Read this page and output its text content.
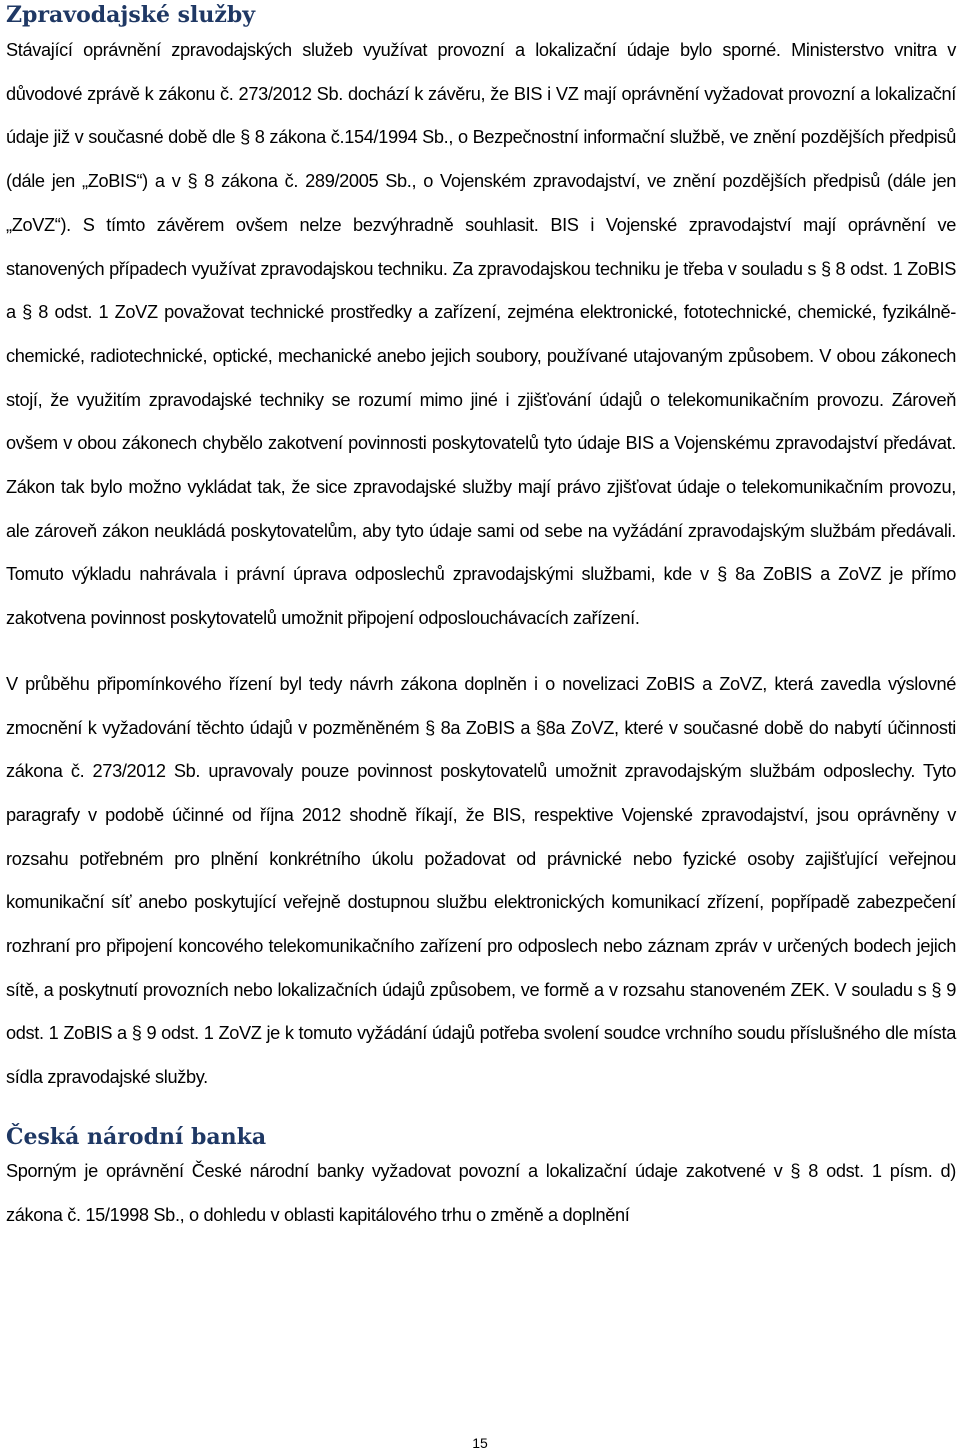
Zpravodajské služby

Stávající oprávnění zpravodajských služeb využívat provozní a lokalizační údaje bylo sporné. Ministerstvo vnitra v důvodové zprávě k zákonu č. 273/2012 Sb. dochází k závěru, že BIS i VZ mají oprávnění vyžadovat provozní a lokalizační údaje již v současné době dle § 8 zákona č.154/1994 Sb., o Bezpečnostní informační službě, ve znění pozdějších předpisů (dále jen „ZoBIS“) a v § 8 zákona č. 289/2005 Sb., o Vojenském zpravodajství, ve znění pozdějších předpisů (dále jen „ZoVZ“). S tímto závěrem ovšem nelze bezvýhradně souhlasit. BIS i Vojenské zpravodajství mají oprávnění ve stanovených případech využívat zpravodajskou techniku. Za zpravodajskou techniku je třeba v souladu s § 8 odst. 1 ZoBIS a § 8 odst. 1 ZoVZ považovat technické prostředky a zařízení, zejména elektronické, fototechnické, chemické, fyzikálně-chemické, radiotechnické, optické, mechanické anebo jejich soubory, používané utajovaným způsobem. V obou zákonech stojí, že využitím zpravodajské techniky se rozumí mimo jiné i zjišťování údajů o telekomunikačním provozu. Zároveň ovšem v obou zákonech chybělo zakotvení povinnosti poskytovatelů tyto údaje BIS a Vojenskému zpravodajství předávat. Zákon tak bylo možno vykládat tak, že sice zpravodajské služby mají právo zjišťovat údaje o telekomunikačním provozu, ale zároveň zákon neukládá poskytovatelům, aby tyto údaje sami od sebe na vyžádání zpravodajským službám předávali. Tomuto výkladu nahrávala i právní úprava odposlechů zpravodajskými službami, kde v § 8a ZoBIS a ZoVZ je přímo zakotvena povinnost poskytovatelů umožnit připojení odposlouchávacích zařízení.

V průběhu připomínkového řízení byl tedy návrh zákona doplněn i o novelizaci ZoBIS a ZoVZ, která zavedla výslovné zmocnění k vyžadování těchto údajů v pozměněném § 8a ZoBIS a §8a ZoVZ, které v současné době do nabytí účinnosti zákona č. 273/2012 Sb. upravovaly pouze povinnost poskytovatelů umožnit zpravodajským službám odposlechy. Tyto paragrafy v podobě účinné od října 2012 shodně říkají, že BIS, respektive Vojenské zpravodajství, jsou oprávněny v rozsahu potřebném pro plnění konkrétního úkolu požadovat od právnické nebo fyzické osoby zajišťující veřejnou komunikační síť anebo poskytující veřejně dostupnou službu elektronických komunikací zřízení, popřípadě zabezpečení rozhraní pro připojení koncového telekomunikačního zařízení pro odposlech nebo záznam zpráv v určených bodech jejich sítě, a poskytnutí provozních nebo lokalizačních údajů způsobem, ve formě a v rozsahu stanoveném ZEK. V souladu s § 9 odst. 1 ZoBIS a § 9 odst. 1 ZoVZ je k tomuto vyžádání údajů potřeba svolení soudce vrchního soudu příslušného dle místa sídla zpravodajské služby.

Česká národní banka

Sporným je oprávnění České národní banky vyžadovat povozní a lokalizační údaje zakotvené v § 8 odst. 1 písm. d) zákona č. 15/1998 Sb., o dohledu v oblasti kapitálového trhu o změně a doplnění

15
